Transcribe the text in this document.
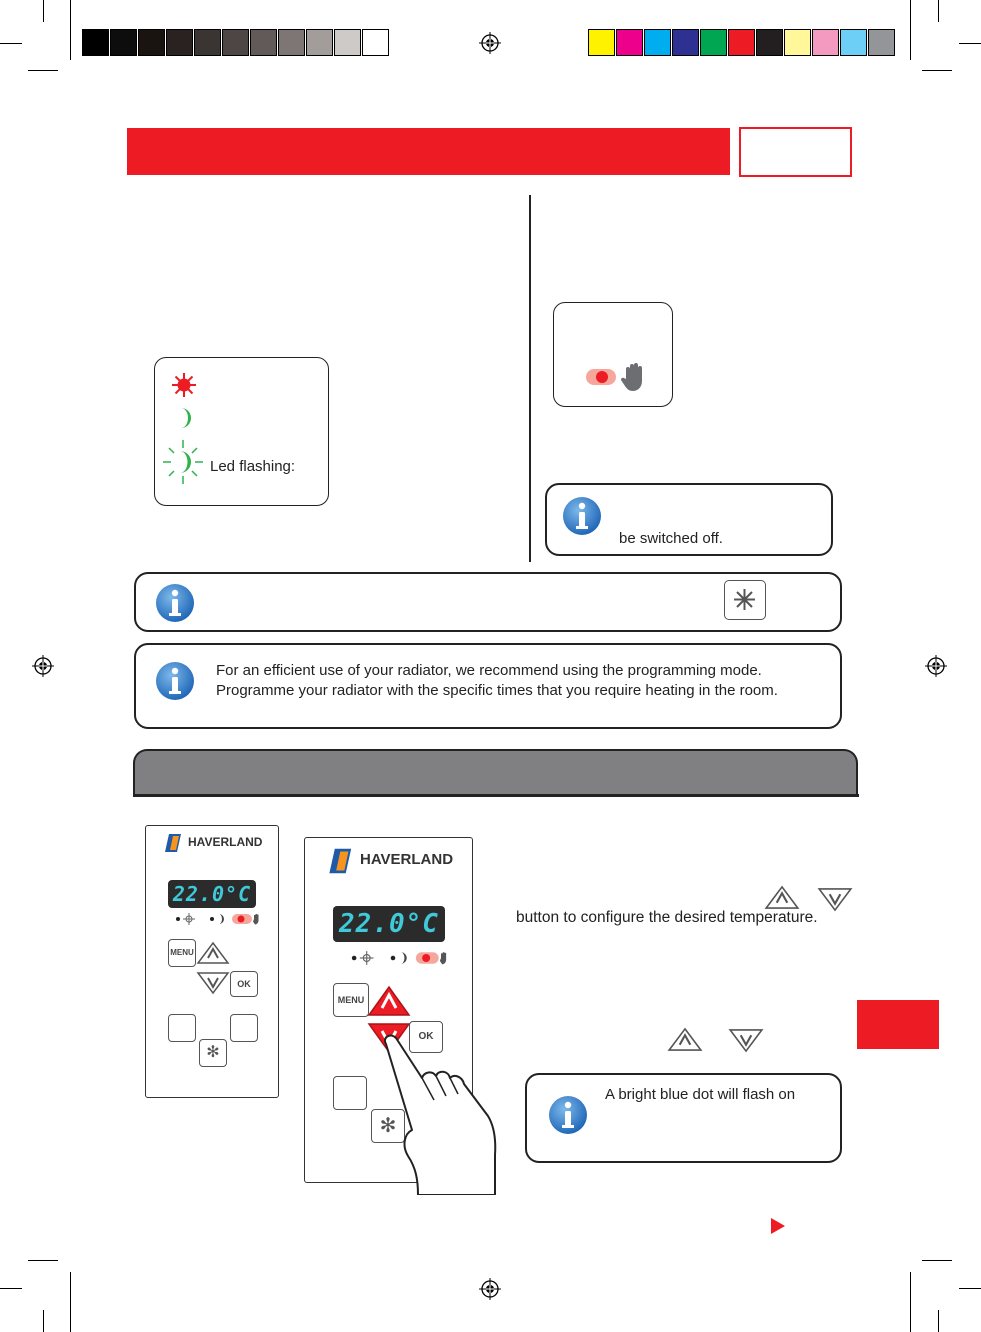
Led flashing:
be switched off.
For an efficient use of your radiator, we recommend using the programming mode.
Programme your radiator with the specific times that you require heating in the room.
HAVERLAND
22.0°C
MENU
OK
✻
HAVERLAND
22.0°C
MENU
OK
✻
button to configure the desired temperature.
A bright blue dot will flash on
